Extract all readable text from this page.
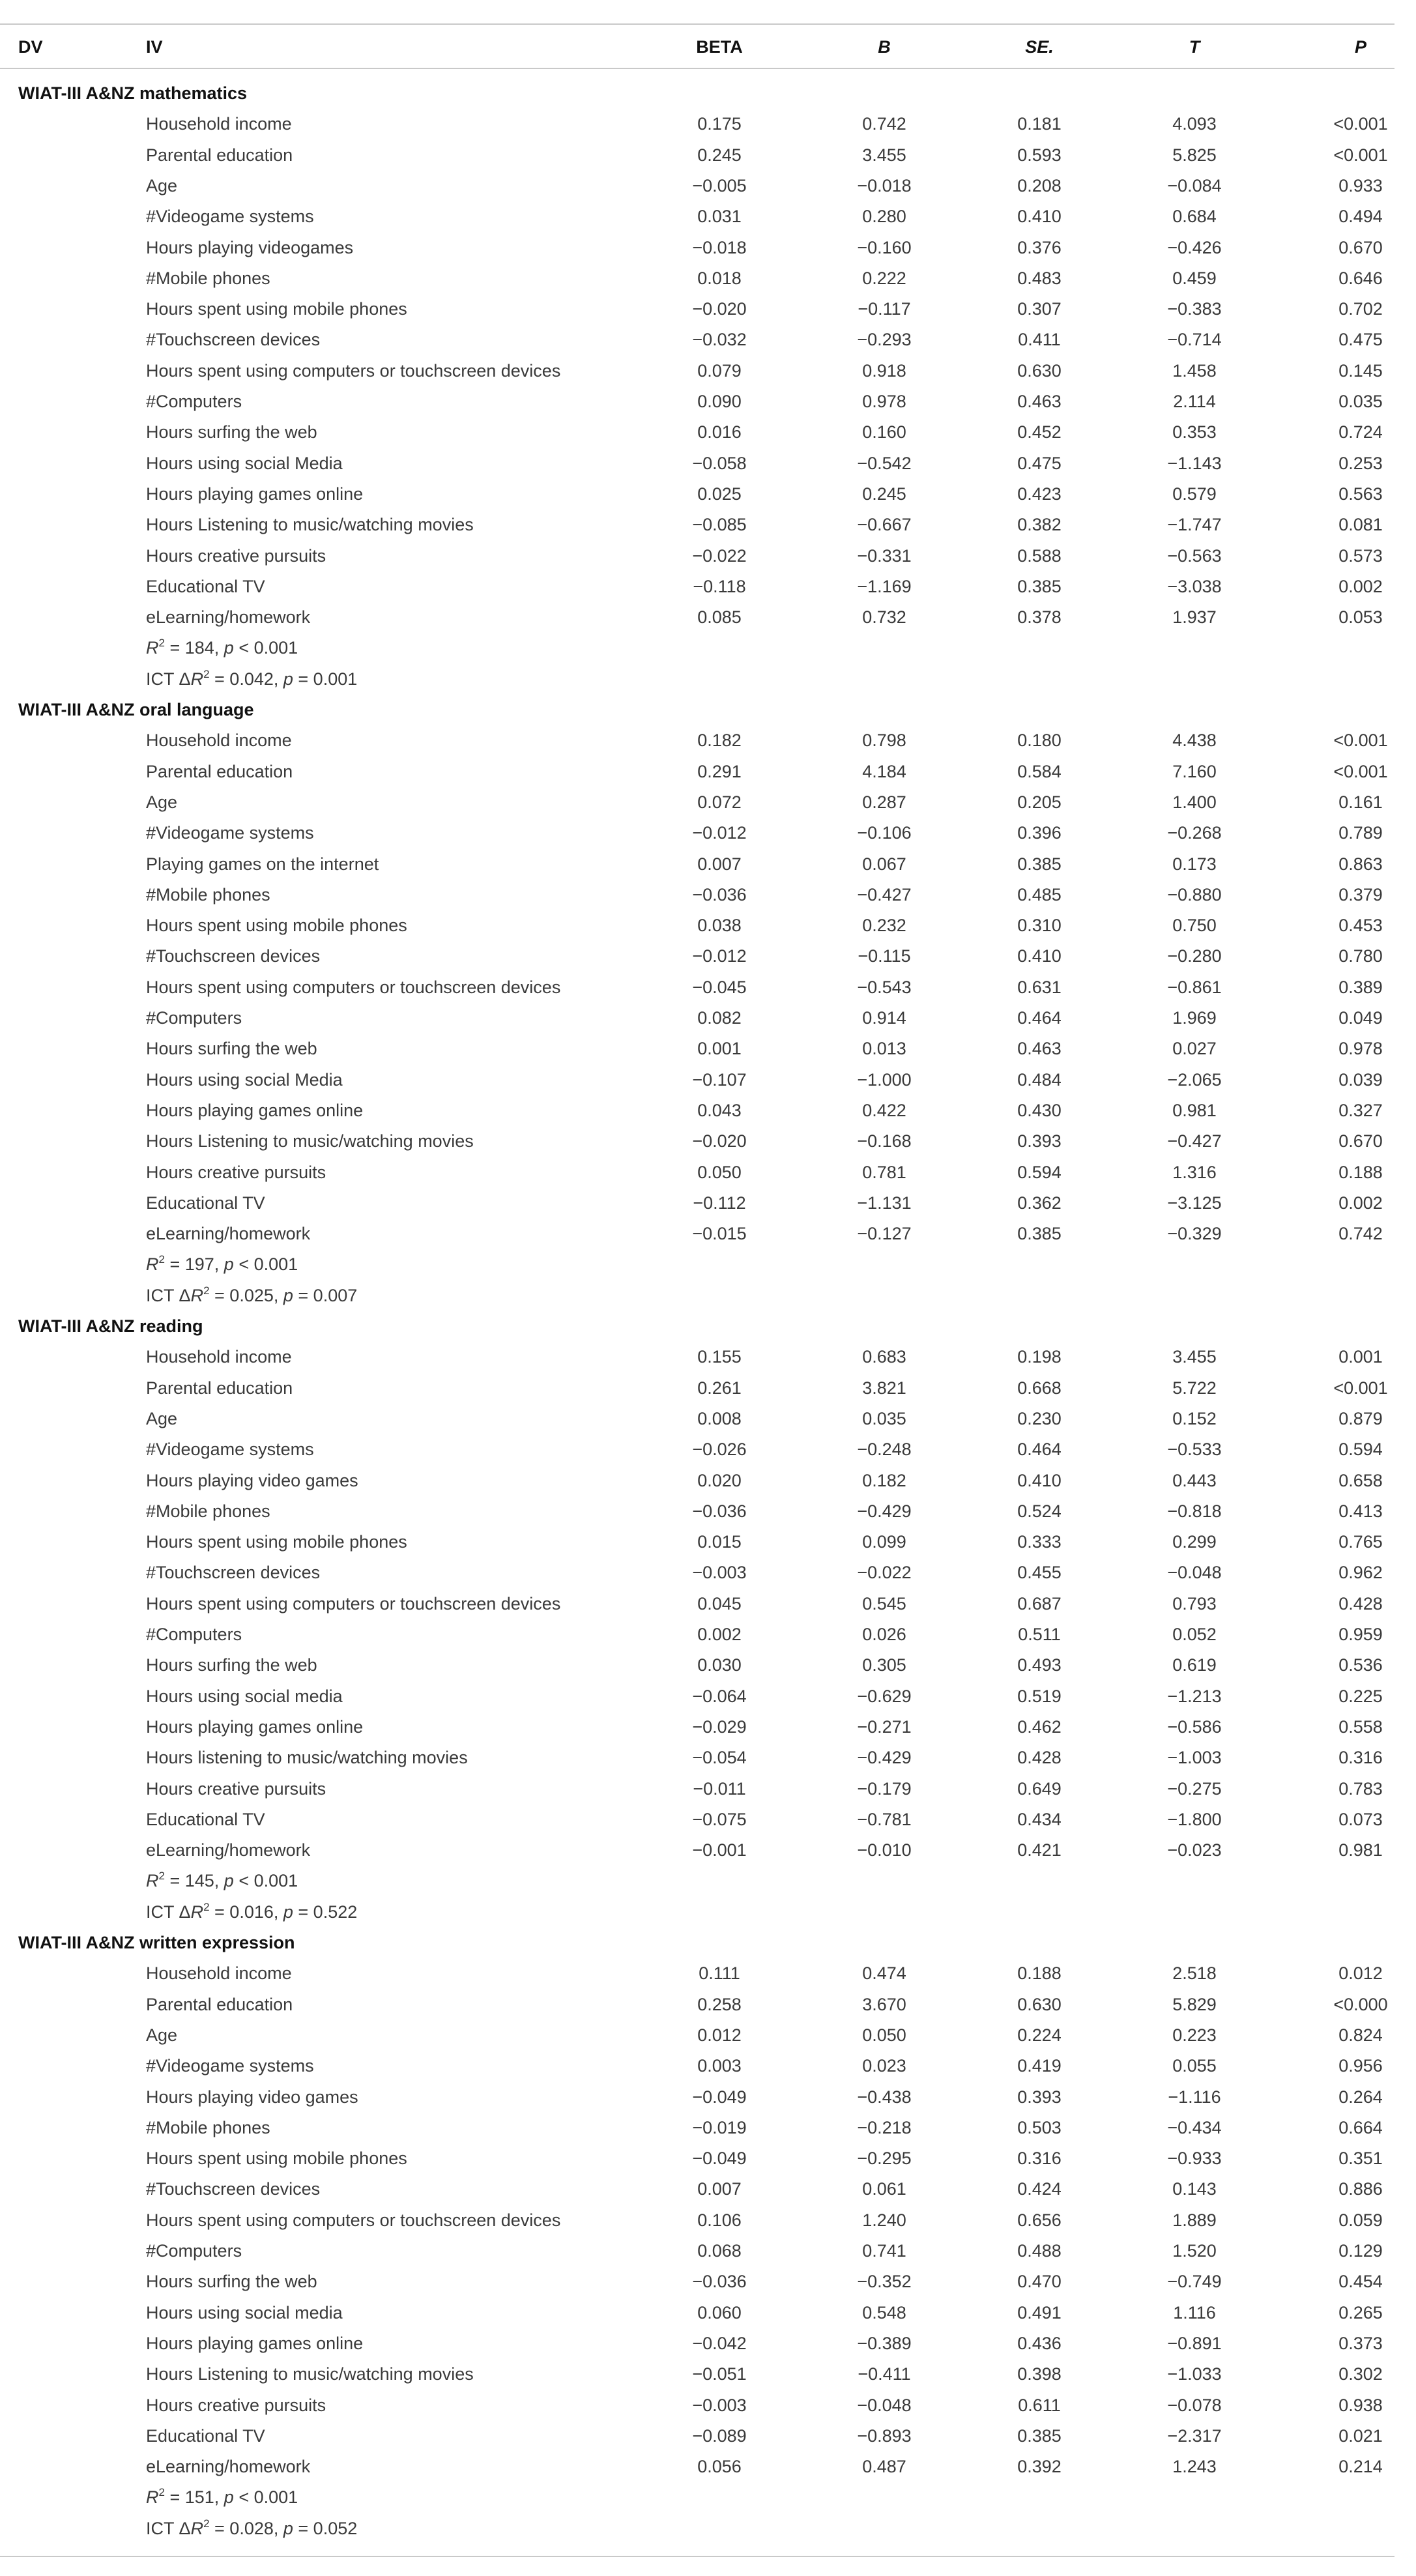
DV	IV	BETA	B	SE.	T	P
WIAT-III A&NZ mathematics
Household income	0.175	0.742	0.181	4.093	<0.001
Parental education	0.245	3.455	0.593	5.825	<0.001
Age	−0.005	−0.018	0.208	−0.084	0.933
#Videogame systems	0.031	0.280	0.410	0.684	0.494
Hours playing videogames	−0.018	−0.160	0.376	−0.426	0.670
#Mobile phones	0.018	0.222	0.483	0.459	0.646
Hours spent using mobile phones	−0.020	−0.117	0.307	−0.383	0.702
#Touchscreen devices	−0.032	−0.293	0.411	−0.714	0.475
Hours spent using computers or touchscreen devices	0.079	0.918	0.630	1.458	0.145
#Computers	0.090	0.978	0.463	2.114	0.035
Hours surfing the web	0.016	0.160	0.452	0.353	0.724
Hours using social Media	−0.058	−0.542	0.475	−1.143	0.253
Hours playing games online	0.025	0.245	0.423	0.579	0.563
Hours Listening to music/watching movies	−0.085	−0.667	0.382	−1.747	0.081
Hours creative pursuits	−0.022	−0.331	0.588	−0.563	0.573
Educational TV	−0.118	−1.169	0.385	−3.038	0.002
eLearning/homework	0.085	0.732	0.378	1.937	0.053
$R^2 = 184$, p < 0.001
ICT $\Delta R^2 = 0.042$, p = 0.001
WIAT-III A&NZ oral language
Household income	0.182	0.798	0.180	4.438	<0.001
Parental education	0.291	4.184	0.584	7.160	<0.001
Age	0.072	0.287	0.205	1.400	0.161
#Videogame systems	−0.012	−0.106	0.396	−0.268	0.789
Playing games on the internet	0.007	0.067	0.385	0.173	0.863
#Mobile phones	−0.036	−0.427	0.485	−0.880	0.379
Hours spent using mobile phones	0.038	0.232	0.310	0.750	0.453
#Touchscreen devices	−0.012	−0.115	0.410	−0.280	0.780
Hours spent using computers or touchscreen devices	−0.045	−0.543	0.631	−0.861	0.389
#Computers	0.082	0.914	0.464	1.969	0.049
Hours surfing the web	0.001	0.013	0.463	0.027	0.978
Hours using social Media	−0.107	−1.000	0.484	−2.065	0.039
Hours playing games online	0.043	0.422	0.430	0.981	0.327
Hours Listening to music/watching movies	−0.020	−0.168	0.393	−0.427	0.670
Hours creative pursuits	0.050	0.781	0.594	1.316	0.188
Educational TV	−0.112	−1.131	0.362	−3.125	0.002
eLearning/homework	−0.015	−0.127	0.385	−0.329	0.742
$R^2 = 197$, p < 0.001
ICT $\Delta R^2 = 0.025$, p = 0.007
WIAT-III A&NZ reading
Household income	0.155	0.683	0.198	3.455	0.001
Parental education	0.261	3.821	0.668	5.722	<0.001
Age	0.008	0.035	0.230	0.152	0.879
#Videogame systems	−0.026	−0.248	0.464	−0.533	0.594
Hours playing video games	0.020	0.182	0.410	0.443	0.658
#Mobile phones	−0.036	−0.429	0.524	−0.818	0.413
Hours spent using mobile phones	0.015	0.099	0.333	0.299	0.765
#Touchscreen devices	−0.003	−0.022	0.455	−0.048	0.962
Hours spent using computers or touchscreen devices	0.045	0.545	0.687	0.793	0.428
#Computers	0.002	0.026	0.511	0.052	0.959
Hours surfing the web	0.030	0.305	0.493	0.619	0.536
Hours using social media	−0.064	−0.629	0.519	−1.213	0.225
Hours playing games online	−0.029	−0.271	0.462	−0.586	0.558
Hours listening to music/watching movies	−0.054	−0.429	0.428	−1.003	0.316
Hours creative pursuits	−0.011	−0.179	0.649	−0.275	0.783
Educational TV	−0.075	−0.781	0.434	−1.800	0.073
eLearning/homework	−0.001	−0.010	0.421	−0.023	0.981
$R^2 = 145$, p < 0.001
ICT $\Delta R^2 = 0.016$, p = 0.522
WIAT-III A&NZ written expression
Household income	0.111	0.474	0.188	2.518	0.012
Parental education	0.258	3.670	0.630	5.829	<0.000
Age	0.012	0.050	0.224	0.223	0.824
#Videogame systems	0.003	0.023	0.419	0.055	0.956
Hours playing video games	−0.049	−0.438	0.393	−1.116	0.264
#Mobile phones	−0.019	−0.218	0.503	−0.434	0.664
Hours spent using mobile phones	−0.049	−0.295	0.316	−0.933	0.351
#Touchscreen devices	0.007	0.061	0.424	0.143	0.886
Hours spent using computers or touchscreen devices	0.106	1.240	0.656	1.889	0.059
#Computers	0.068	0.741	0.488	1.520	0.129
Hours surfing the web	−0.036	−0.352	0.470	−0.749	0.454
Hours using social media	0.060	0.548	0.491	1.116	0.265
Hours playing games online	−0.042	−0.389	0.436	−0.891	0.373
Hours Listening to music/watching movies	−0.051	−0.411	0.398	−1.033	0.302
Hours creative pursuits	−0.003	−0.048	0.611	−0.078	0.938
Educational TV	−0.089	−0.893	0.385	−2.317	0.021
eLearning/homework	0.056	0.487	0.392	1.243	0.214
$R^2 = 151$, p < 0.001
ICT $\Delta R^2 = 0.028$, p = 0.052
